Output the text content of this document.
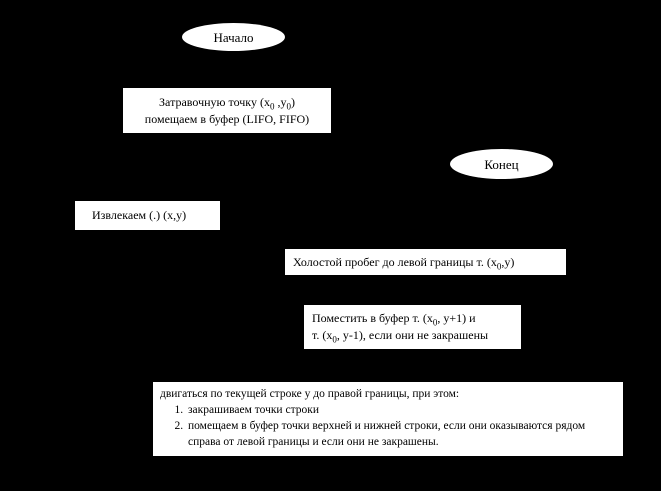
Начало
Затравочную точку ($x_0$ $,y_0$)
помещаем в буфер (LIFO, FIFO)
Конец
Извлекаем (.) (x,y)
Холостой пробег до левой границы т. $(x_0,y)$
Поместить в буфер т. ($x_0$, y+1) и
т. ($x_0$, y-1), если они не закрашены
двигаться по текущей строке у до правой границы, при этом:
1. закрашиваем точки строки
2. помещаем в буфер точки верхней и нижней строки, если они оказываются рядом справа от левой границы и если они не закрашены.
